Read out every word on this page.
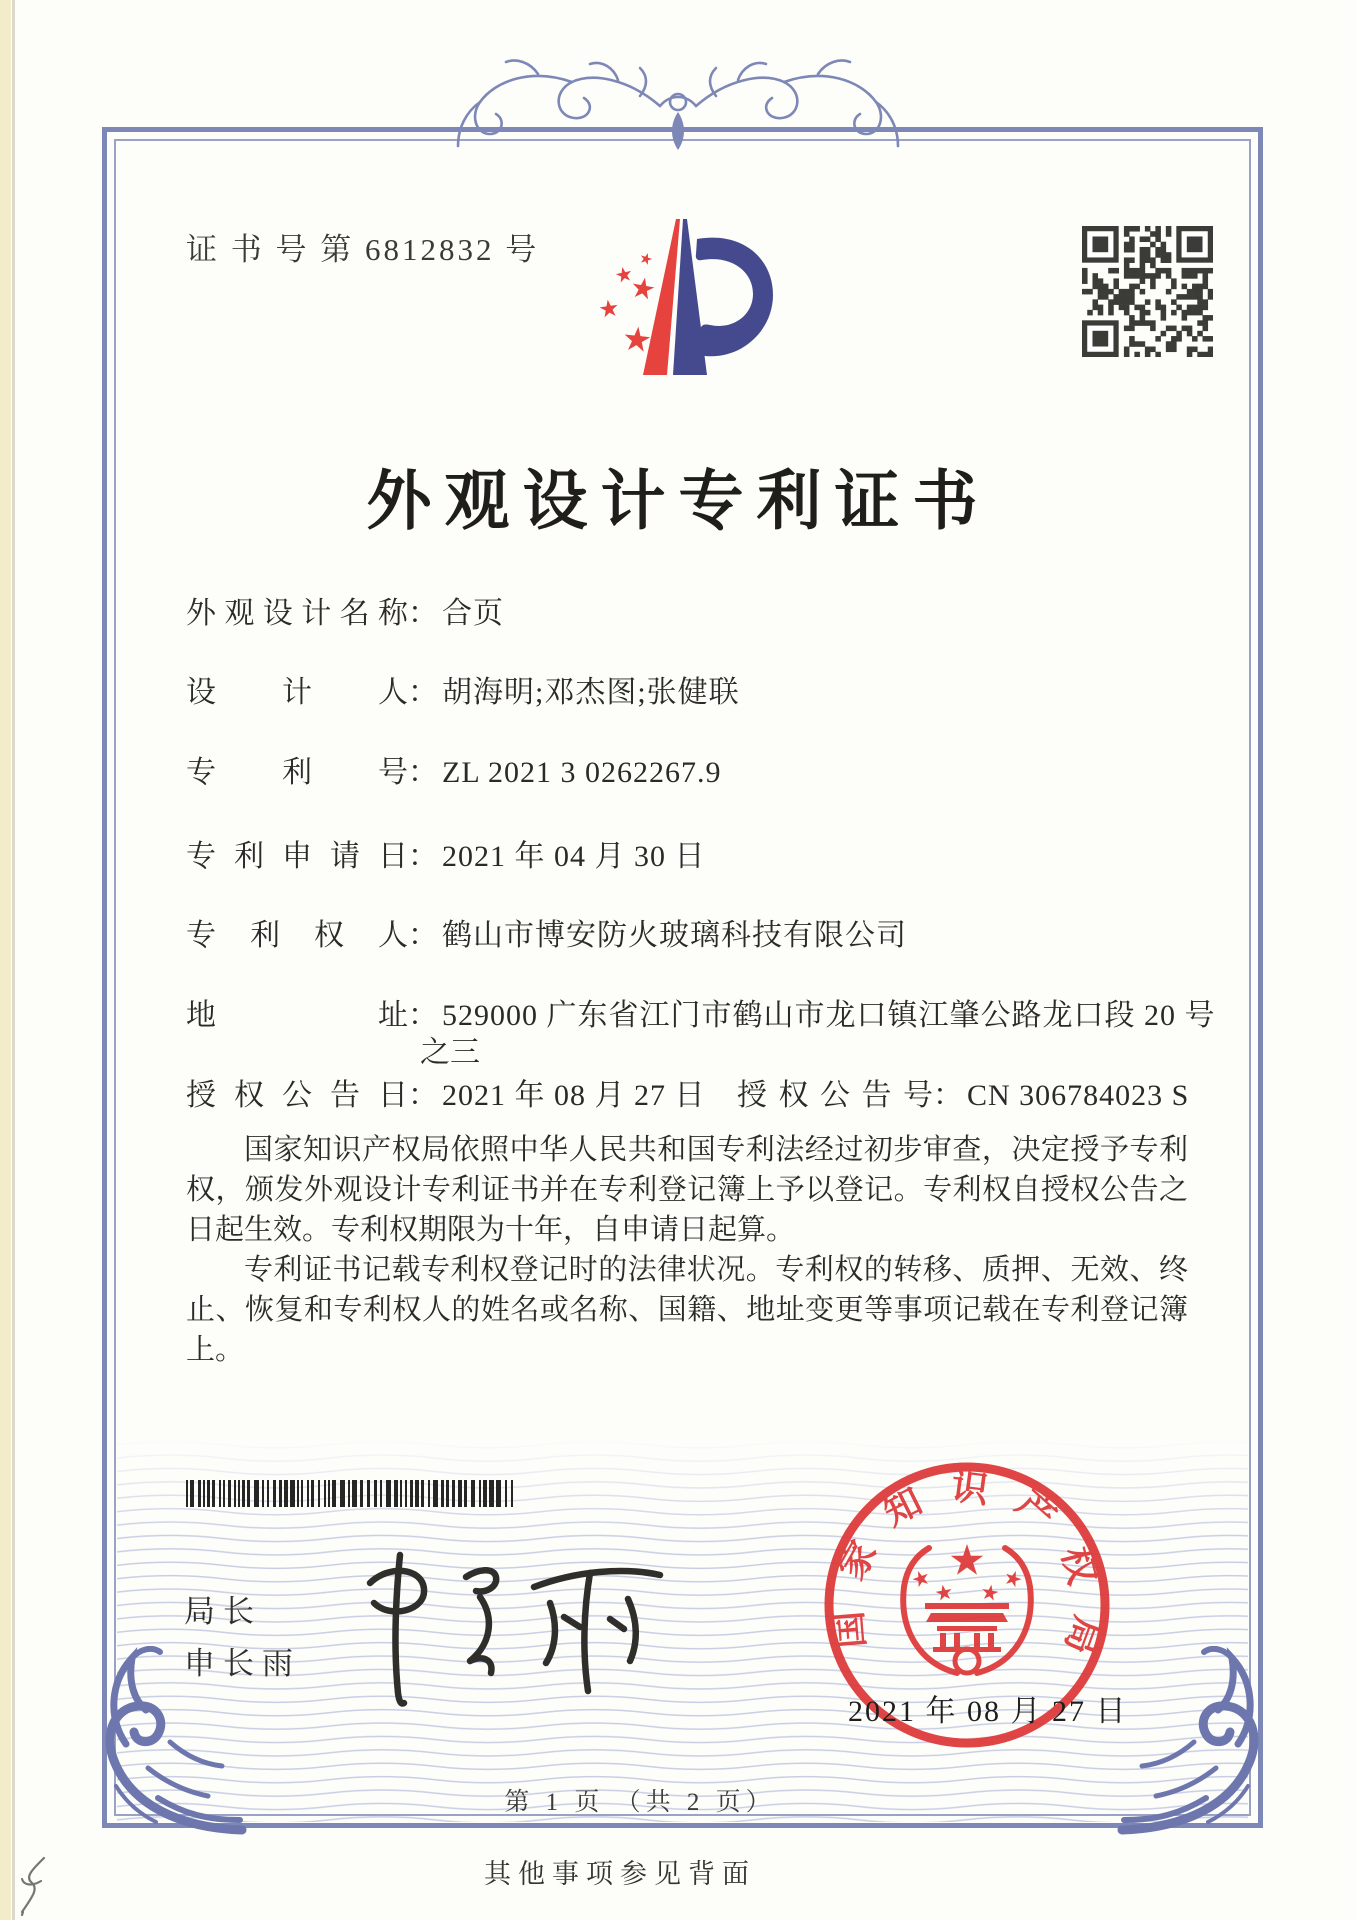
证 书 号 第 6812832 号
外观设计专利证书
外观设计名称 ： 合页
设计人 ： 胡海明;邓杰图;张健联
专利号 ： ZL 2021 3 0262267.9
专利申请日 ： 2021 年 04 月 30 日
专利权人 ： 鹤山市博安防火玻璃科技有限公司
地址 ： 529000 广东省江门市鹤山市龙口镇江肇公路龙口段 20 号
之三
授权公告日 ： 2021 年 08 月 27 日 授权公告号 ： CN 306784023 S

国家知识产权局依照中华人民共和国专利法经过初步审查，决定授予专利权，颁发外观设计专利证书并在专利登记簿上予以登记。专利权自授权公告之日起生效。专利权期限为十年，自申请日起算。

专利证书记载专利权登记时的法律状况。专利权的转移、质押、无效、终止、恢复和专利权人的姓名或名称、国籍、地址变更等事项记载在专利登记簿上。

局长
申长雨
国家知识产权局
2021 年 08 月 27 日
第 1 页 （共 2 页）
其他事项参见背面
